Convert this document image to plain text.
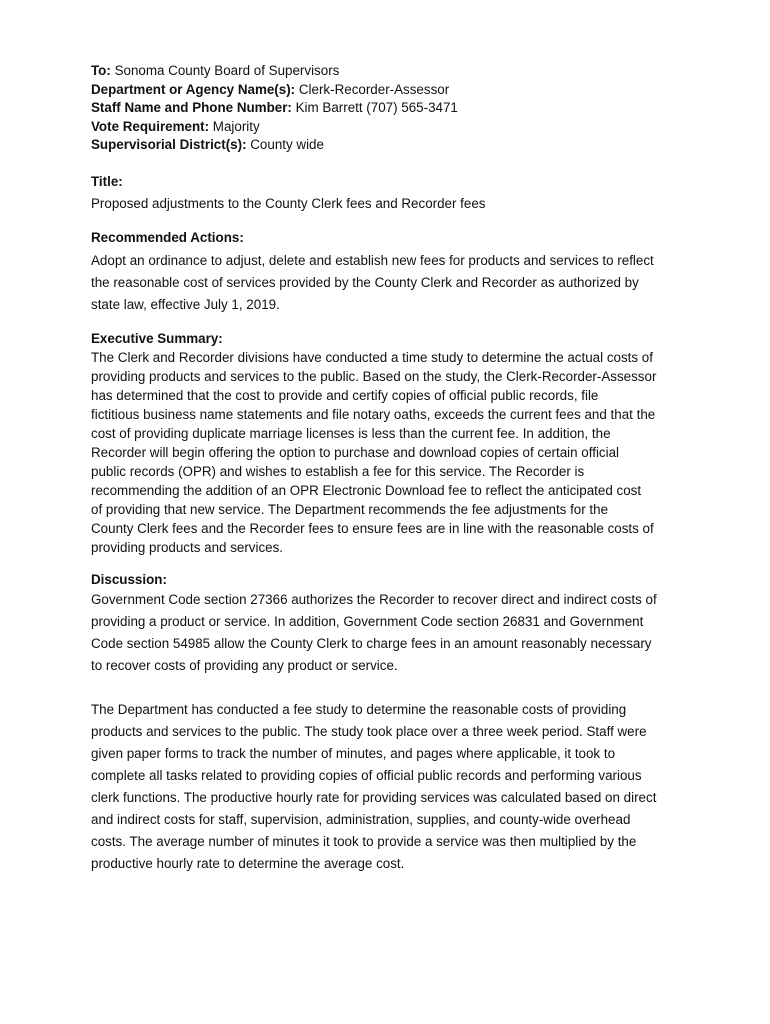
To: Sonoma County Board of Supervisors
Department or Agency Name(s): Clerk-Recorder-Assessor
Staff Name and Phone Number: Kim Barrett (707) 565-3471
Vote Requirement: Majority
Supervisorial District(s): County wide
Title:

Proposed adjustments to the County Clerk fees and Recorder fees

Recommended Actions:

Adopt an ordinance to adjust, delete and establish new fees for products and services to reflect
the reasonable cost of services provided by the County Clerk and Recorder as authorized by
state law, effective July 1, 2019.

Executive Summary:

The Clerk and Recorder divisions have conducted a time study to determine the actual costs of
providing products and services to the public. Based on the study, the Clerk-Recorder-Assessor
has determined that the cost to provide and certify copies of official public records, file
fictitious business name statements and file notary oaths, exceeds the current fees and that the
cost of providing duplicate marriage licenses is less than the current fee. In addition, the
Recorder will begin offering the option to purchase and download copies of certain official
public records (OPR) and wishes to establish a fee for this service. The Recorder is
recommending the addition of an OPR Electronic Download fee to reflect the anticipated cost
of providing that new service. The Department recommends the fee adjustments for the
County Clerk fees and the Recorder fees to ensure fees are in line with the reasonable costs of
providing products and services.

Discussion:

Government Code section 27366 authorizes the Recorder to recover direct and indirect costs of
providing a product or service. In addition, Government Code section 26831 and Government
Code section 54985 allow the County Clerk to charge fees in an amount reasonably necessary
to recover costs of providing any product or service.

The Department has conducted a fee study to determine the reasonable costs of providing
products and services to the public. The study took place over a three week period. Staff were
given paper forms to track the number of minutes, and pages where applicable, it took to
complete all tasks related to providing copies of official public records and performing various
clerk functions. The productive hourly rate for providing services was calculated based on direct
and indirect costs for staff, supervision, administration, supplies, and county-wide overhead
costs. The average number of minutes it took to provide a service was then multiplied by the
productive hourly rate to determine the average cost.
